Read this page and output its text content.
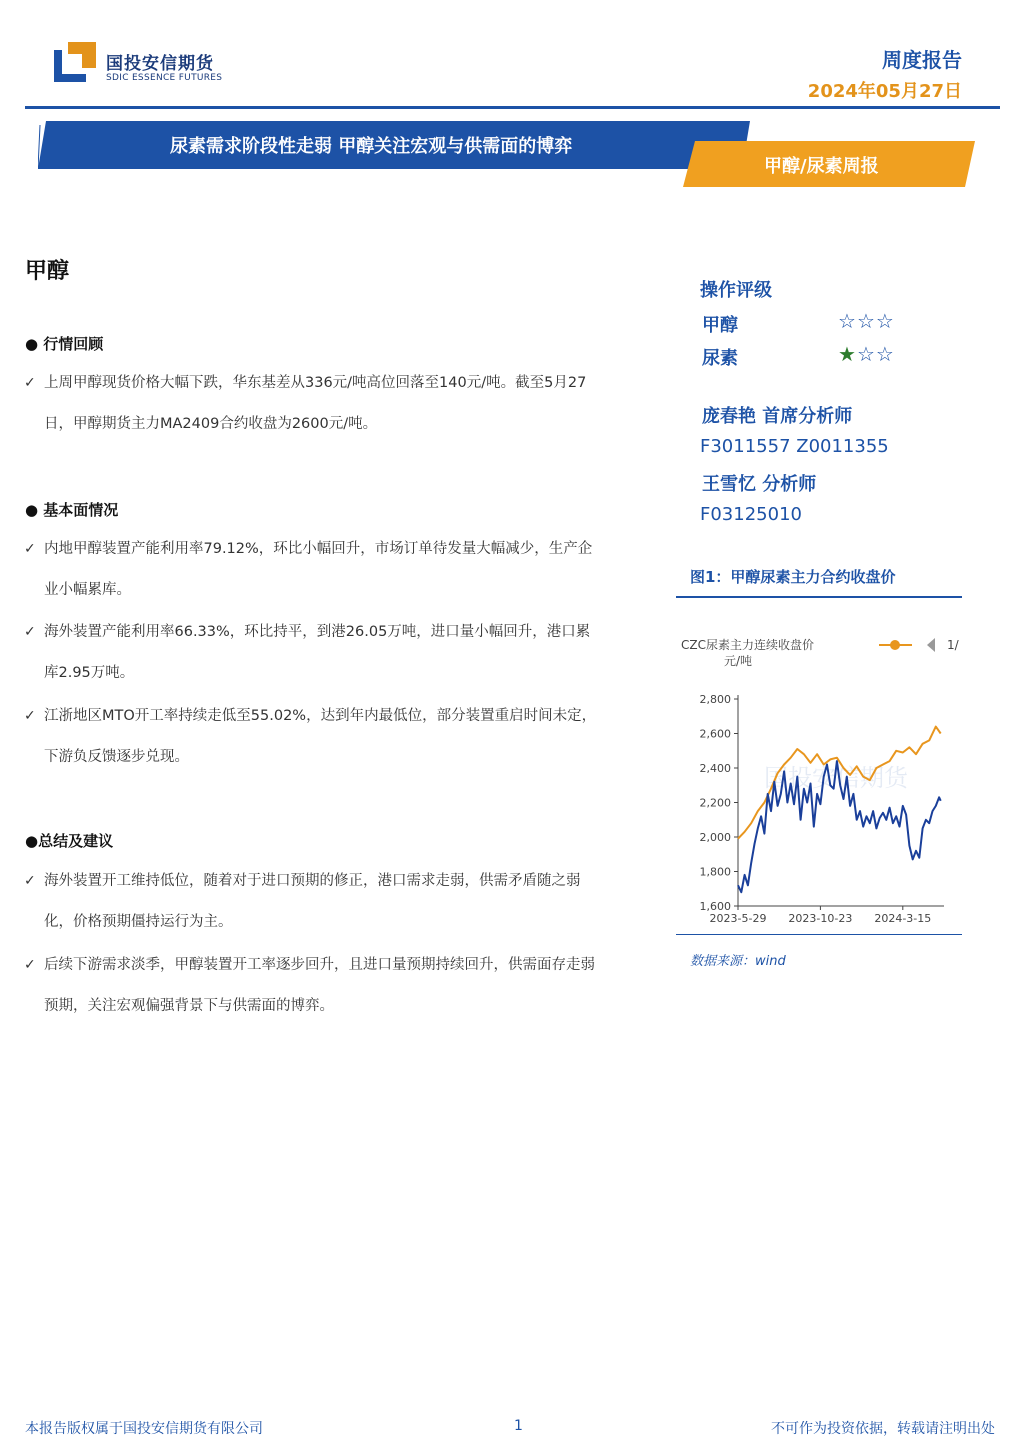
国投安信期货
SDIC ESSENCE FUTURES
周度报告
2024年05月27日
尿素需求阶段性走弱 甲醇关注宏观与供需面的博弈
甲醇/尿素周报
甲醇
● 行情回顾
✓ 上周甲醇现货价格大幅下跌，华东基差从336元/吨高位回落至140元/吨。截至5月27日，甲醇期货主力MA2409合约收盘为2600元/吨。
● 基本面情况
✓ 内地甲醇装置产能利用率79.12%，环比小幅回升，市场订单待发量大幅减少，生产企业小幅累库。
✓ 海外装置产能利用率66.33%，环比持平，到港26.05万吨，进口量小幅回升，港口累库2.95万吨。
✓ 江浙地区MTO开工率持续走低至55.02%，达到年内最低位，部分装置重启时间未定，下游负反馈逐步兑现。
●总结及建议
✓ 海外装置开工维持低位，随着对于进口预期的修正，港口需求走弱，供需矛盾随之弱化，价格预期僵持运行为主。
✓ 后续下游需求淡季，甲醇装置开工率逐步回升，且进口量预期持续回升，供需面存走弱预期，关注宏观偏强背景下与供需面的博弈。
操作评级
甲醇	☆☆☆
尿素	★☆☆
庞春艳 首席分析师
F3011557 Z0011355
王雪忆 分析师
F03125010
图1：甲醇尿素主力合约收盘价
CZC尿素主力连续收盘价	1/
元/吨
国投安信期货
1,600
1,800
2,000
2,200
2,400
2,600
2,800
2023-5-29 2023-10-23 2024-3-15
数据来源：wind
本报告版权属于国投安信期货有限公司	1	不可作为投资依据，转载请注明出处
